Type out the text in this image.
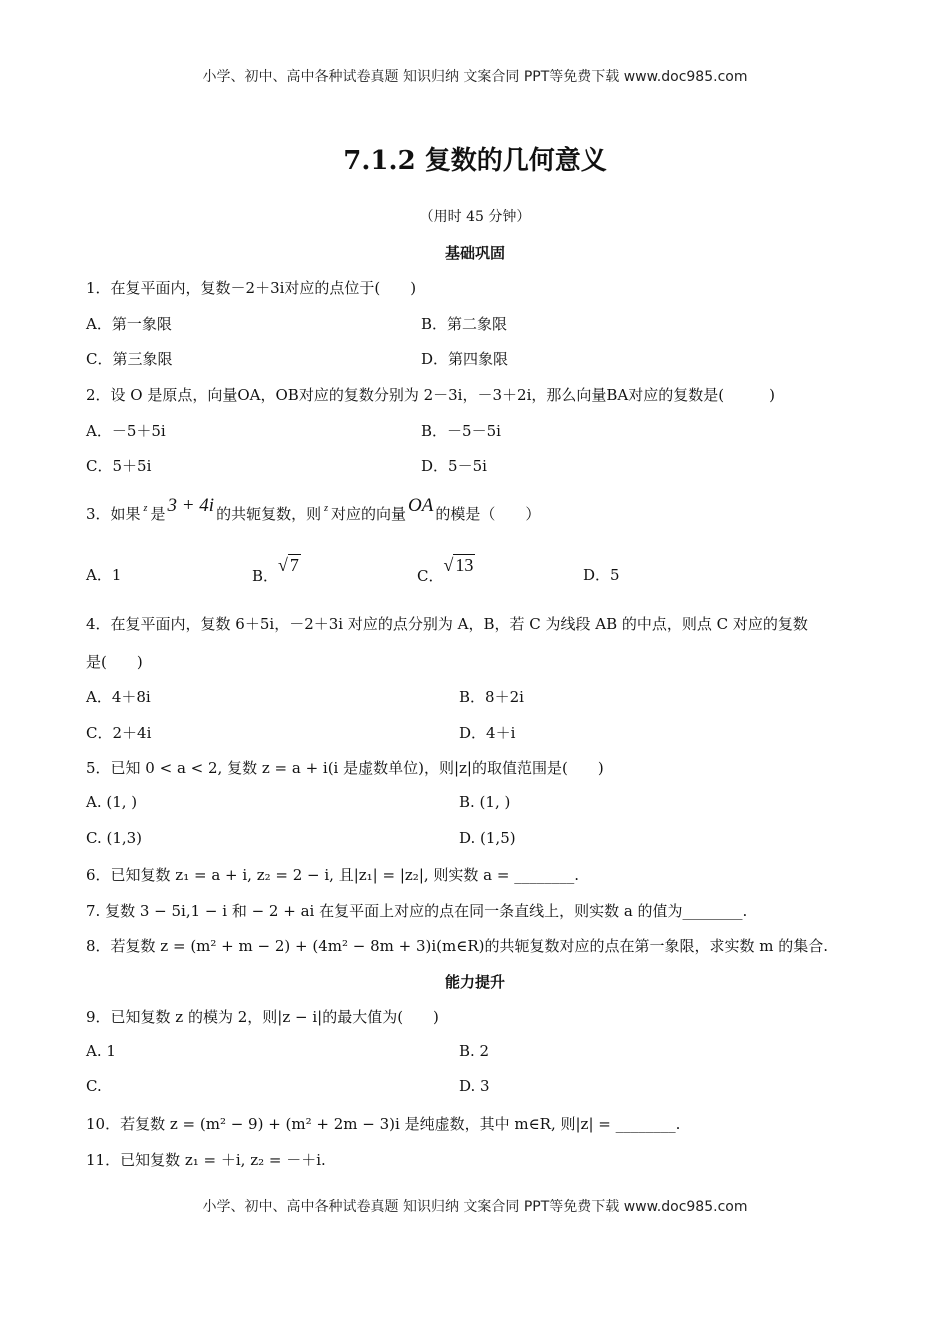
小学、初中、高中各种试卷真题 知识归纳 文案合同 PPT等免费下载 www.doc985.com
7.1.2 复数的几何意义
（用时 45 分钟）
基础巩固
1．在复平面内，复数－2＋3i对应的点位于(　　)
A．第一象限	B．第二象限
C．第三象限	D．第四象限
2．设 O 是原点，向量OA，OB对应的复数分别为 2－3i，－3＋2i，那么向量BA对应的复数是(　　　)
A．－5＋5i	B．－5－5i
C．5＋5i	D．5－5i
3．如果 z 是 3 + 4i 的共轭复数，则 z 对应的向量 OA 的模是（　　）
A．1	B．√ 7
C．√ 13	D．5
4．在复平面内，复数 6＋5i，－2＋3i 对应的点分别为 A，B，若 C 为线段 AB 的中点，则点 C 对应的复数
是(　　)
A．4＋8i	B．8＋2i
C．2＋4i	D．4＋i
5．已知 0 < a < 2, 复数 z = a + i(i 是虚数单位)，则|z|的取值范围是(　　)
A. (1, )	B. (1, )
C. (1,3)	D. (1,5)
6．已知复数 z₁ = a + i, z₂ = 2 − i, 且|z₁| = |z₂|, 则实数 a = ________.
7. 复数 3 − 5i,1 − i 和 − 2 + ai 在复平面上对应的点在同一条直线上，则实数 a 的值为________.
8．若复数 z = (m² + m − 2) + (4m² − 8m + 3)i(m∈R)的共轭复数对应的点在第一象限，求实数 m 的集合.
能力提升
9．已知复数 z 的模为 2，则|z − i|的最大值为(　　)
A. 1	B. 2
C.	D. 3
10．若复数 z = (m² − 9) + (m² + 2m − 3)i 是纯虚数，其中 m∈R, 则|z| = ________.
11．已知复数 z₁ = ＋i, z₂ = －＋i.
小学、初中、高中各种试卷真题 知识归纳 文案合同 PPT等免费下载 www.doc985.com
